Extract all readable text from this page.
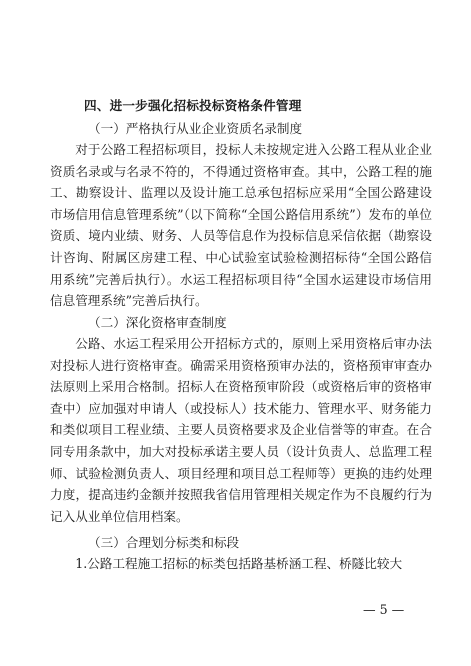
四、进一步强化招标投标资格条件管理
（一）严格执行从业企业资质名录制度
对于公路工程招标项目，投标人未按规定进入公路工程从业企业资质名录或与名录不符的，不得通过资格审查。其中，公路工程的施工、勘察设计、监理以及设计施工总承包招标应采用“全国公路建设市场信用信息管理系统”（以下简称“全国公路信用系统”）发布的单位资质、境内业绩、财务、人员等信息作为投标信息采信依据（勘察设计咨询、附属区房建工程、中心试验室试验检测招标待“全国公路信用系统”完善后执行）。水运工程招标项目待“全国水运建设市场信用信息管理系统”完善后执行。
（二）深化资格审查制度
公路、水运工程采用公开招标方式的，原则上采用资格后审办法对投标人进行资格审查。确需采用资格预审办法的，资格预审审查办法原则上采用合格制。招标人在资格预审阶段（或资格后审的资格审查中）应加强对申请人（或投标人）技术能力、管理水平、财务能力和类似项目工程业绩、主要人员资格要求及企业信誉等的审查。在合同专用条款中，加大对投标承诺主要人员（设计负责人、总监理工程师、试验检测负责人、项目经理和项目总工程师等）更换的违约处理力度，提高违约金额并按照我省信用管理相关规定作为不良履约行为记入从业单位信用档案。
（三）合理划分标类和标段
1.公路工程施工招标的标类包括路基桥涵工程、桥隧比较大
— 5 —
